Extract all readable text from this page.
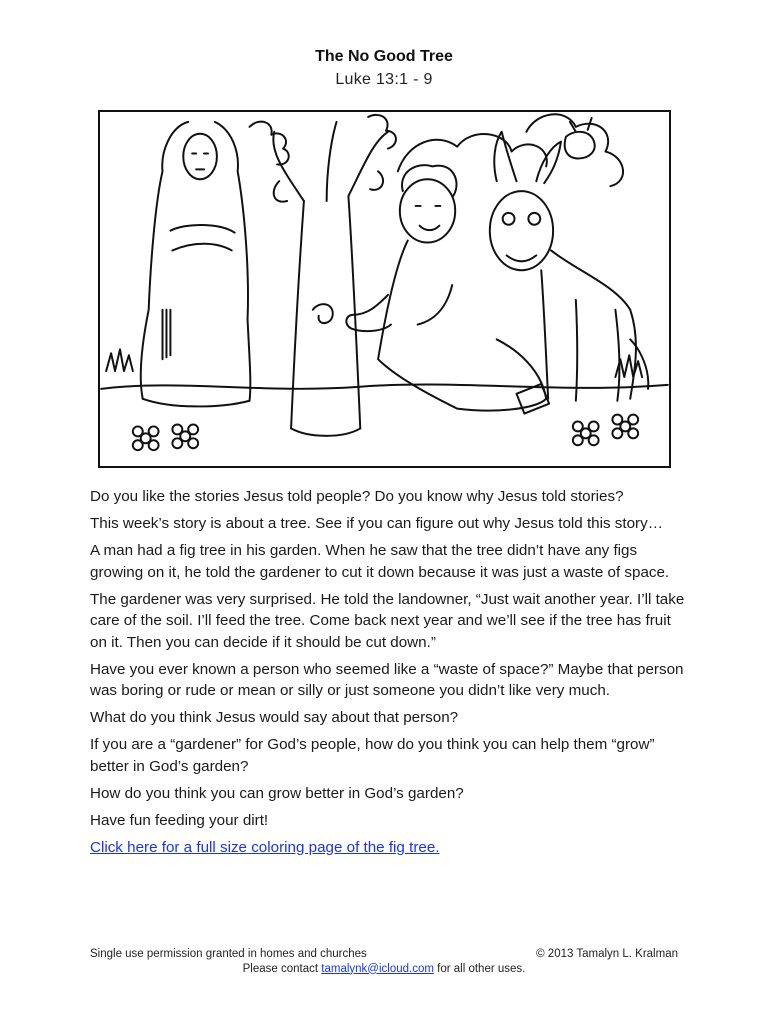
The No Good Tree
Luke 13:1 - 9

Do you like the stories Jesus told people? Do you know why Jesus told stories?

This week’s story is about a tree. See if you can figure out why Jesus told this story…

A man had a fig tree in his garden. When he saw that the tree didn’t have any figs growing on it, he told the gardener to cut it down because it was just a waste of space.

The gardener was very surprised. He told the landowner, “Just wait another year. I’ll take care of the soil. I’ll feed the tree. Come back next year and we’ll see if the tree has fruit on it. Then you can decide if it should be cut down.”

Have you ever known a person who seemed like a “waste of space?” Maybe that person was boring or rude or mean or silly or just someone you didn’t like very much.

What do you think Jesus would say about that person?

If you are a “gardener” for God’s people, how do you think you can help them “grow” better in God’s garden?

How do you think you can grow better in God’s garden?

Have fun feeding your dirt!

Click here for a full size coloring page of the fig tree.

Single use permission granted in homes and churches	© 2013 Tamalyn L. Kralman
Please contact tamalynk@icloud.com for all other uses.
